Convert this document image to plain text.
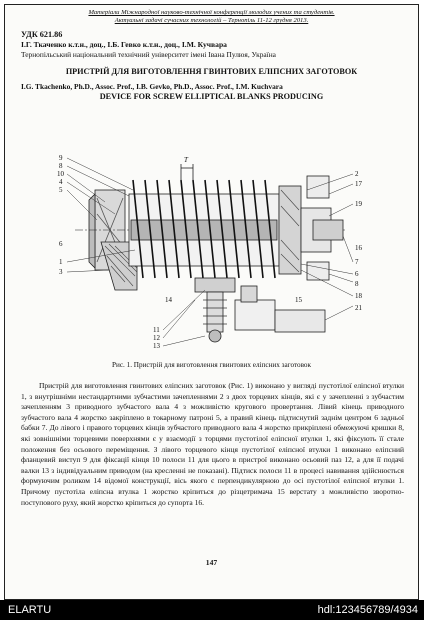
Матеріали Міжнародної науково-технічної конференції молодих учених та студентів.
Актуальні задачі сучасних технологій – Тернопіль 11-12 грудня 2013.
УДК 621.86
І.Г. Ткаченко к.т.н., доц., І.Б. Гевко к.т.н., доц., І.М. Кучвара
Тернопільський національний технічний університет імені Івана Пулюя, Україна
ПРИСТРІЙ ДЛЯ ВИГОТОВЛЕННЯ ГВИНТОВИХ ЕЛІПСНИХ ЗАГОТОВОК
I.G. Tkachenko, Ph.D., Assoc. Prof., I.B. Gevko, Ph.D., Assoc. Prof., I.M. Kuchvara
DEVICE FOR SCREW ELLIPTICAL BLANKS PRODUCING
T
9
8
10
4
5
6
1
3
11
12
13
14
2
17
19
16
7
6
8
18
15
21
Рис. 1. Пристрій для виготовлення гвинтових еліпсних заготовок
Пристрій для виготовлення гвинтових еліпсних заготовок (Рис. 1) виконано у вигляді пустотілої еліпсної втулки 1, з внутрішніми нестандартними зубчастими зачепленнями 2 з двох торцевих кінців, які є у зачепленні з зубчастим зачепленням 3 приводного зубчастого вала 4 з можливістю кругового провертання. Лівий кінець приводного зубчастого вала 4 жорстко закріплено в токарному патроні 5, а правий кінець підтиснутий заднім центром 6 задньої бабки 7. До лівого і правого торцевих кінців зубчастого приводного вала 4 жорстко прикріплені обмежуючі кришки 8, які зовнішніми торцевими поверхнями є у взаємодії з торцями пустотілої еліпсної втулки 1, які фіксують її стале положення без осьового переміщення. З лівого торцевого кінця пустотілої еліпсної втулки 1 виконано еліпсний фланцевий виступ 9 для фіксації кінця 10 полоси 11 для цього в пристрої виконано осьовий паз 12, а для її подачі валки 13 з індивідуальним приводом (на кресленні не показані). Підтиск полоси 11 в процесі навивання здійснюється формуючим роликом 14 відомої конструкції, вісь якого є перпендикулярною до осі пустотілої еліпсної втулки 1. Причому пустотіла еліпсна втулка 1 жорстко кріпиться до різцетримача 15 верстату з можливістю зворотно-поступового руху, який жорстко кріпиться до супорта 16.
147
ELARTU	hdl:123456789/4934
